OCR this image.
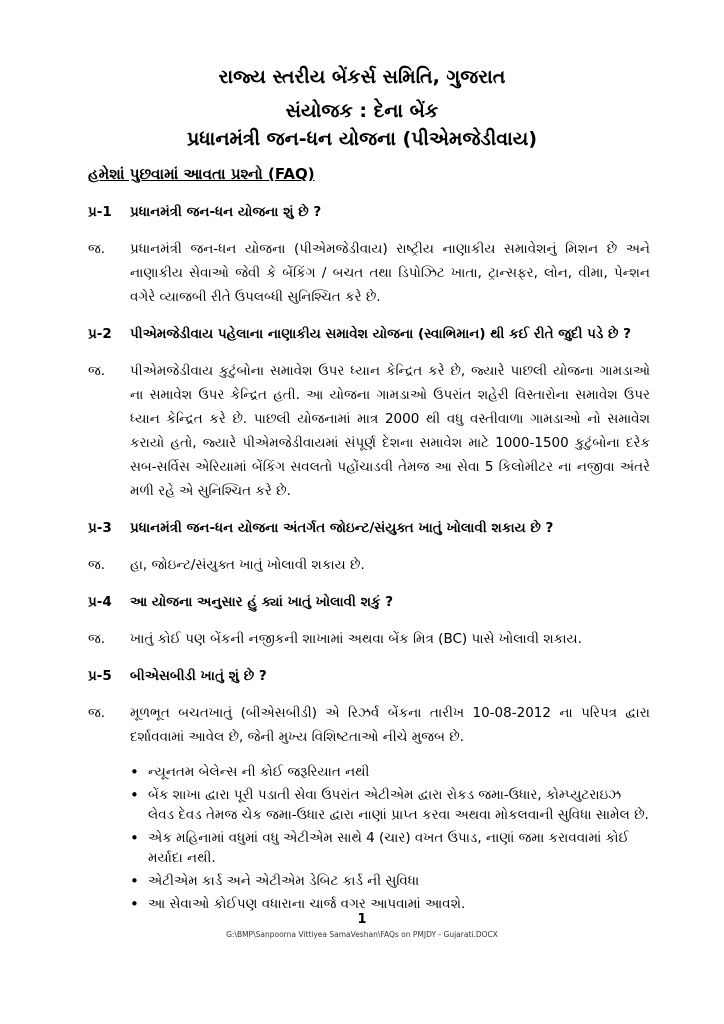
રાજ્ય સ્તરીય બેંકર્સ સમિતિ, ગુજરાત
સંયોજક : દેના બેંક
પ્રધાનમંત્રી જન-ધન યોજના (પીએમજેડીવાય)
હમેશાં પુછવામાં આવતા પ્રશ્નો (FAQ)
પ્ર-1 પ્રધાનમંત્રી જન-ધન યોજના શું છે ?
જ. પ્રધાનમંત્રી જન-ધન યોજના (પીએમજેડીવાય) રાષ્ટ્રીય નાણાકીય સમાવેશનું મિશન છે અને નાણાકીય સેવાઓ જેવી કે બેંકિંગ / બચત તથા ડિપોઝિટ ખાતા, ટ્રાન્સફર, લોન, વીમા, પેન્શન વગેરે વ્યાજબી રીતે ઉપલબ્ધી સુનિશ્ચિત કરે છે.
પ્ર-2 પીએમજેડીવાય પહેલાના નાણાકીય સમાવેશ યોજના (સ્વાભિમાન) થી કઈ રીતે જુદી પડે છે ?
જ. પીએમજેડીવાય કુટુંબોના સમાવેશ ઉપર ધ્યાન કેન્દ્રિત કરે છે, જ્યારે પાછલી યોજના ગામડાઓ ના સમાવેશ ઉપર કેન્દ્રિત હતી. આ યોજના ગામડાઓ ઉપરાંત શહેરી વિસ્તારોના સમાવેશ ઉપર ધ્યાન કેન્દ્રિત કરે છે. પાછલી યોજનામાં માત્ર 2000 થી વધુ વસ્તીવાળા ગામડાઓ નો સમાવેશ કરાયો હતો, જ્યારે પીએમજેડીવાયમાં સંપૂર્ણ દેશના સમાવેશ માટે 1000-1500 કુટુંબોના દરેક સબ-સર્વિસ એરિયામાં બેંકિંગ સવલતો પહોંચાડવી તેમજ આ સેવા 5 કિલોમીટર ના નજીવા અંતરે મળી રહે એ સુનિશ્ચિત કરે છે.
પ્ર-3 પ્રધાનમંત્રી જન-ધન યોજના અંતર્ગત જોઇન્ટ/સંયુક્ત ખાતું ખોલાવી શકાય છે ?
જ. હા, જોઇન્ટ/સંયુક્ત ખાતું ખોલાવી શકાય છે.
પ્ર-4 આ યોજના અનુસાર હું ક્યાં ખાતું ખોલાવી શકું ?
જ. ખાતું કોઈ પણ બેંકની નજીકની શાખામાં અથવા બેંક મિત્ર (BC) પાસે ખોલાવી શકાય.
પ્ર-5 બીએસબીડી ખાતું શું છે ?
જ. મૂળભૂત બચતખાતું (બીએસબીડી) એ રિઝર્વ બેંકના તારીખ 10-08-2012 ના પરિપત્ર દ્વારા દર્શાવવામાં આવેલ છે, જેની મુખ્ય વિશિષ્ટતાઓ નીચે મુજબ છે.
• ન્યૂનતમ બેલેન્સ ની કોઈ જરૂરિયાત નથી
• બેંક શાખા દ્વારા પૂરી પડાતી સેવા ઉપરાંત એટીએમ દ્વારા રોકડ જમા-ઉધાર, કોમ્પ્યુટરાઇઝ લેવડ દેવડ તેમજ ચેક જમા-ઉધાર દ્વારા નાણાં પ્રાપ્ત કરવા અથવા મોકલવાની સુવિધા સામેલ છે.
• એક મહિનામાં વધુમાં વધુ એટીએમ સાથે 4 (ચાર) વખત ઉપાડ, નાણાં જમા કરાવવામાં કોઈ મર્યાદા નથી.
• એટીએમ કાર્ડ અને એટીએમ ડેબિટ કાર્ડ ની સુવિધા
• આ સેવાઓ કોઈપણ વધારાના ચાર્જ વગર આપવામાં આવશે.
1
G:\BMP\Sanpoorna Vittiyea SamaVeshan\FAQs on PMJDY - Gujarati.DOCX
